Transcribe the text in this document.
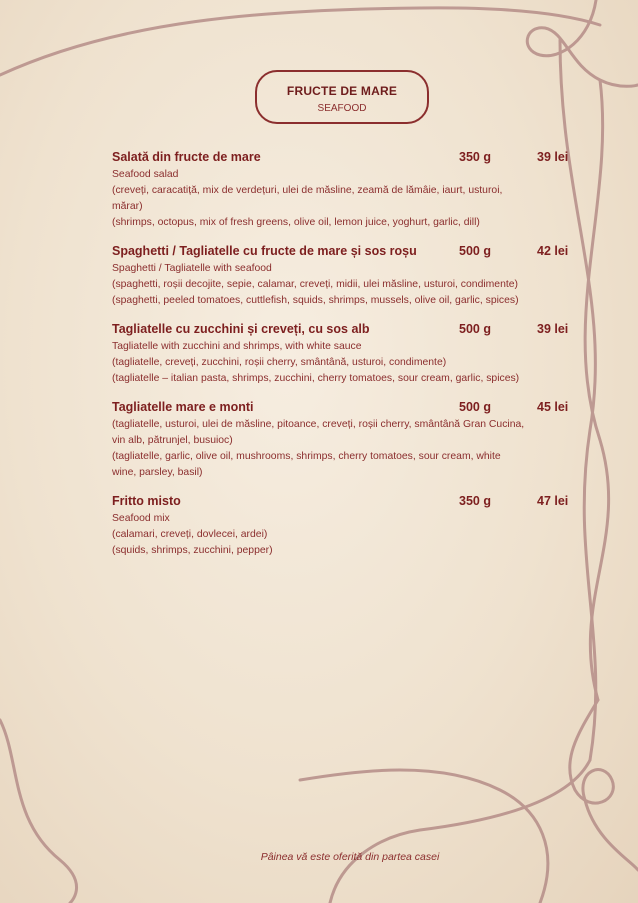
FRUCTE DE MARE
SEAFOOD
Salată din fructe de mare	350 g	39 lei
Seafood salad
(creveți, caracatiță, mix de verdețuri, ulei de măsline, zeamă de lămâie, iaurt, usturoi,
mărar)
(shrimps, octopus, mix of fresh greens, olive oil, lemon juice, yoghurt, garlic, dill)
Spaghetti / Tagliatelle cu fructe de mare și sos roșu	500 g	42 lei
Spaghetti / Tagliatelle with seafood
(spaghetti, roșii decojite, sepie, calamar, creveți, midii, ulei măsline, usturoi, condimente)
(spaghetti, peeled tomatoes, cuttlefish, squids, shrimps, mussels, olive oil, garlic, spices)
Tagliatelle cu zucchini și creveți, cu sos alb	500 g	39 lei
Tagliatelle with zucchini and shrimps, with white sauce
(tagliatelle, creveți, zucchini, roșii cherry, smântână, usturoi, condimente)
(tagliatelle – italian pasta, shrimps, zucchini, cherry tomatoes, sour cream, garlic, spices)
Tagliatelle mare e monti	500 g	45 lei
(tagliatelle, usturoi, ulei de măsline, pitoance, creveți, roșii cherry, smântână Gran Cucina,
vin alb, pătrunjel, busuioc)
(tagliatelle, garlic, olive oil, mushrooms, shrimps, cherry tomatoes, sour cream, white
wine, parsley, basil)
Fritto misto	350 g	47 lei
Seafood mix
(calamari, creveți, dovlecei, ardei)
(squids, shrimps, zucchini, pepper)
Pâinea vă este oferită din partea casei
